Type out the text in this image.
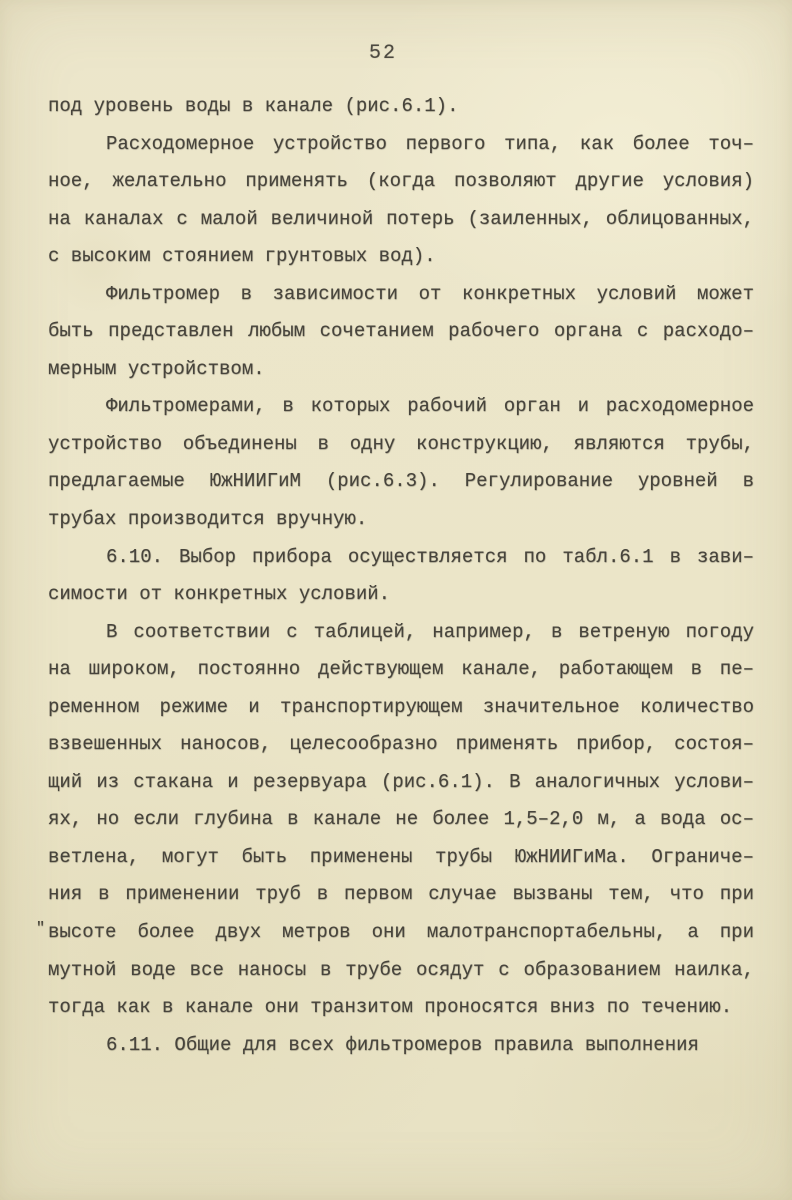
52
под уровень воды в канале (рис.6.1).
Расходомерное устройство первого типа, как более точ–
ное, желательно применять (когда позволяют другие условия)
на каналах с малой величиной потерь (заиленных, облицованных,
с высоким стоянием грунтовых вод).
Фильтромер в зависимости от конкретных условий может
быть представлен любым сочетанием рабочего органа с расходо–
мерным устройством.
Фильтромерами, в которых рабочий орган и расходомерное
устройство объединены в одну конструкцию, являются трубы,
предлагаемые ЮжНИИГиМ (рис.6.3). Регулирование уровней в
трубах производится вручную.
6.10. Выбор прибора осуществляется по табл.6.1 в зави–
симости от конкретных условий.
В соответствии с таблицей, например, в ветреную погоду
на широком, постоянно действующем канале, работающем в пе–
ременном режиме и транспортирующем значительное количество
взвешенных наносов, целесообразно применять прибор, состоя–
щий из стакана и резервуара (рис.6.1). В аналогичных услови–
ях, но если глубина в канале не более 1,5–2,0 м, а вода ос–
ветлена, могут быть применены трубы ЮжНИИГиМа. Ограниче–
ния в применении труб в первом случае вызваны тем, что при
" высоте более двух метров они малотранспортабельны, а при
мутной воде все наносы в трубе осядут с образованием наилка,
тогда как в канале они транзитом проносятся вниз по течению.
6.11. Общие для всех фильтромеров правила выполнения
